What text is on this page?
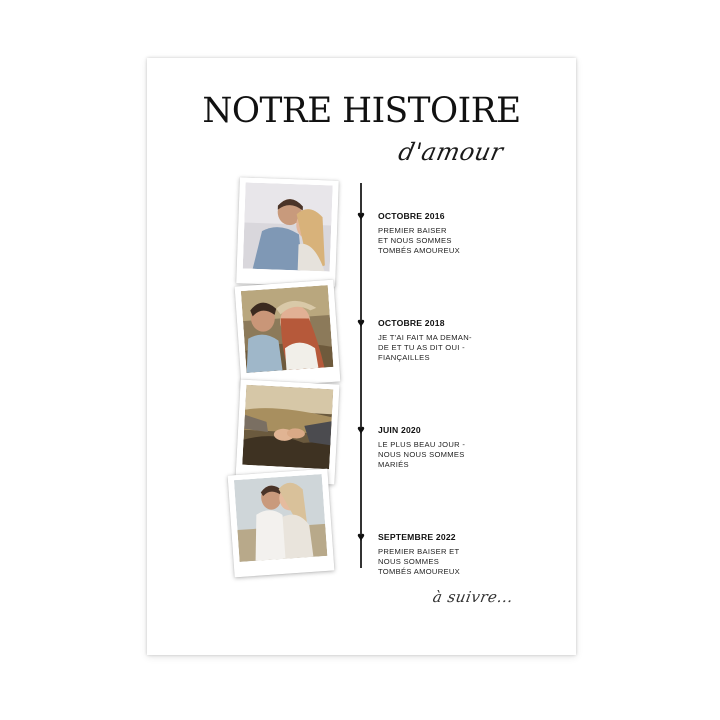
NOTRE HISTOIRE
d'amour
♥	OCTOBRE 2016
PREMIER BAISER
ET NOUS SOMMES
TOMBÉS AMOUREUX
♥	OCTOBRE 2018
JE T'AI FAIT MA DEMAN-
DE ET TU AS DIT OUI -
FIANÇAILLES
♥	JUIN 2020
LE PLUS BEAU JOUR -
NOUS NOUS SOMMES
MARIÉS
♥	SEPTEMBRE 2022
PREMIER BAISER ET
NOUS SOMMES
TOMBÉS AMOUREUX
à suivre...
